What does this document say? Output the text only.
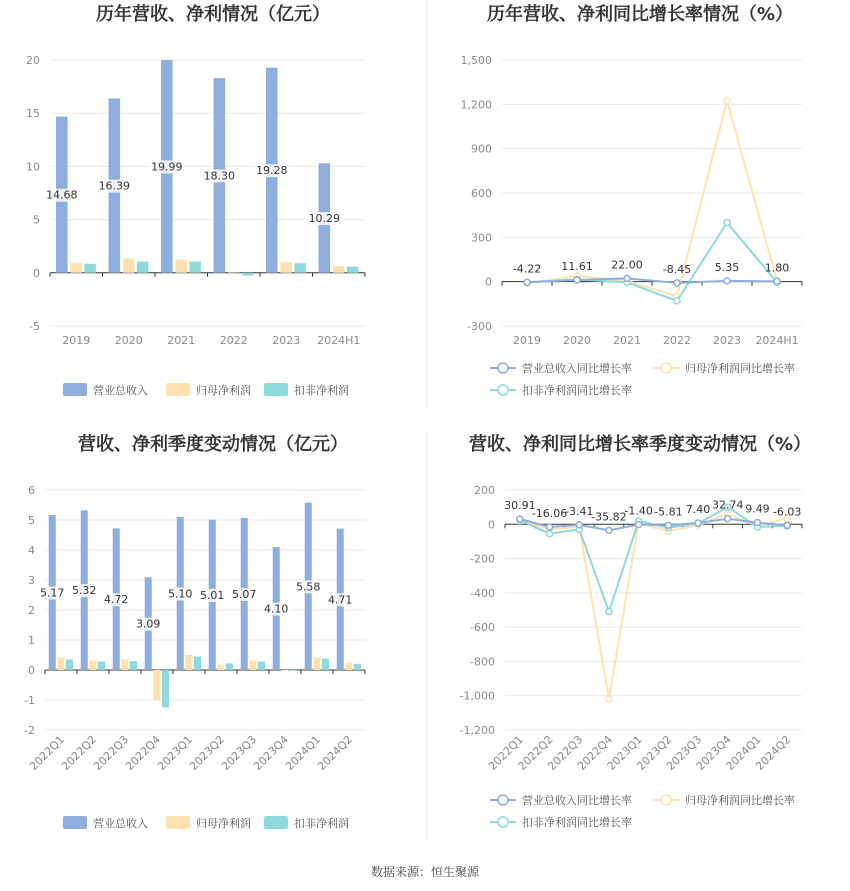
历年营收、净利情况（亿元）
-5
0
5
10
15
20
2019 2020 2021 2022 2023 2024H1
14.68
16.39
19.99
18.30 19.28
10.29
营业总收入	归母净利润	扣非净利润
历年营收、净利同比增长率情况（%）
-300
0
300
600
900
1,200
1,500
2019 2020 2021 2022 2023 2024H1
-4.22 11.61 22.00 -8.45 5.35 1.80
营业总收入同比增长率	归母净利润同比增长率
扣非净利润同比增长率
营收、净利季度变动情况（亿元）
-2
-1
0
1
2
3
4
5
6
2022Q1
2022Q2
2022Q3
2022Q4
2023Q1
2023Q2
2023Q3
2023Q4
2024Q1
2024Q2
5.17 5.32
4.72
3.09
5.10 5.01 5.07
4.10
5.58
4.71
营业总收入	归母净利润	扣非净利润
营收、净利同比增长率季度变动情况（%）
-1,200
-1,000
-800
-600
-400
-200
0
200
2022Q1
2022Q2
2022Q3
2022Q4
2023Q1
2023Q2
2023Q3
2023Q4
2024Q1
2024Q2
30.91
-16.06
-3.41
-35.82
-1.40 -5.81 7.40 32.74 9.49 -6.03
营业总收入同比增长率	归母净利润同比增长率
扣非净利润同比增长率
数据来源：恒生聚源
